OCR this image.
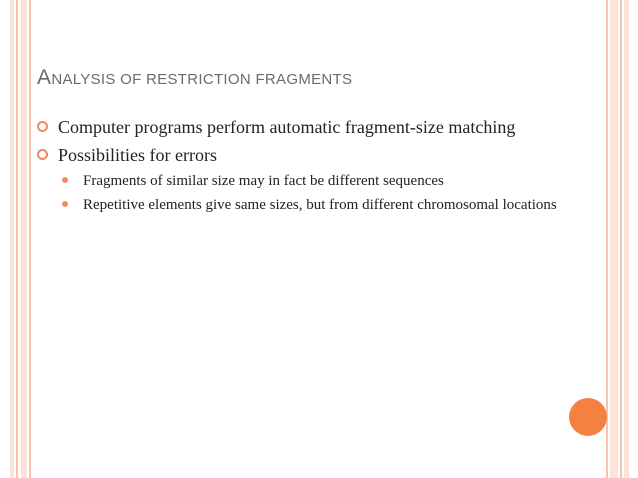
ANALYSIS OF RESTRICTION FRAGMENTS
Computer programs perform automatic fragment-size matching
Possibilities for errors
Fragments of similar size may in fact be different sequences
Repetitive elements give same sizes, but from different chromosomal locations
